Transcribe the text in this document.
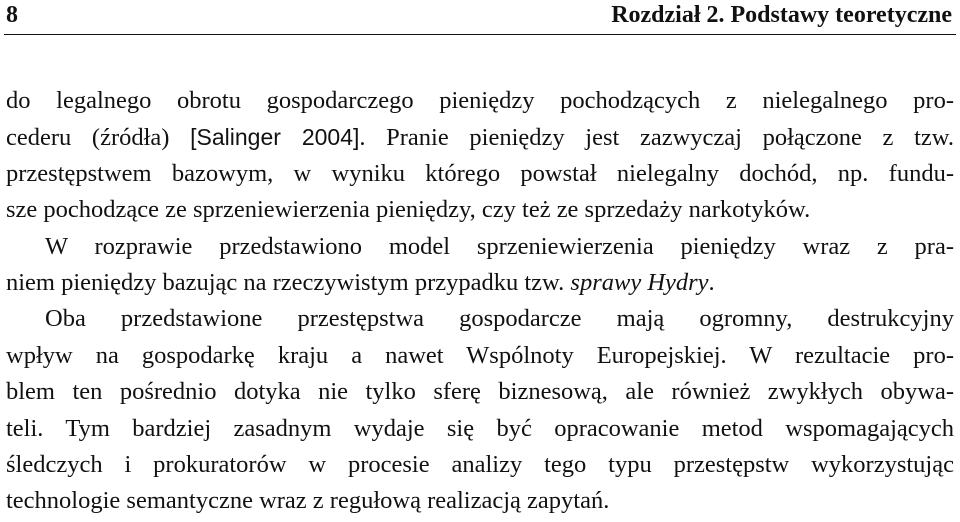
8	Rozdział 2. Podstawy teoretyczne
do legalnego obrotu gospodarczego pieniędzy pochodzących z nielegalnego pro-
cederu (źródła) [Salinger 2004]. Pranie pieniędzy jest zazwyczaj połączone z tzw.
przestępstwem bazowym, w wyniku którego powstał nielegalny dochód, np. fundu-
sze pochodzące ze sprzeniewierzenia pieniędzy, czy też ze sprzedaży narkotyków.
W rozprawie przedstawiono model sprzeniewierzenia pieniędzy wraz z pra-
niem pieniędzy bazując na rzeczywistym przypadku tzw. sprawy Hydry.
Oba przedstawione przestępstwa gospodarcze mają ogromny, destrukcyjny
wpływ na gospodarkę kraju a nawet Wspólnoty Europejskiej. W rezultacie pro-
blem ten pośrednio dotyka nie tylko sferę biznesową, ale również zwykłych obywa-
teli. Tym bardziej zasadnym wydaje się być opracowanie metod wspomagających
śledczych i prokuratorów w procesie analizy tego typu przestępstw wykorzystując
technologie semantyczne wraz z regułową realizacją zapytań.
